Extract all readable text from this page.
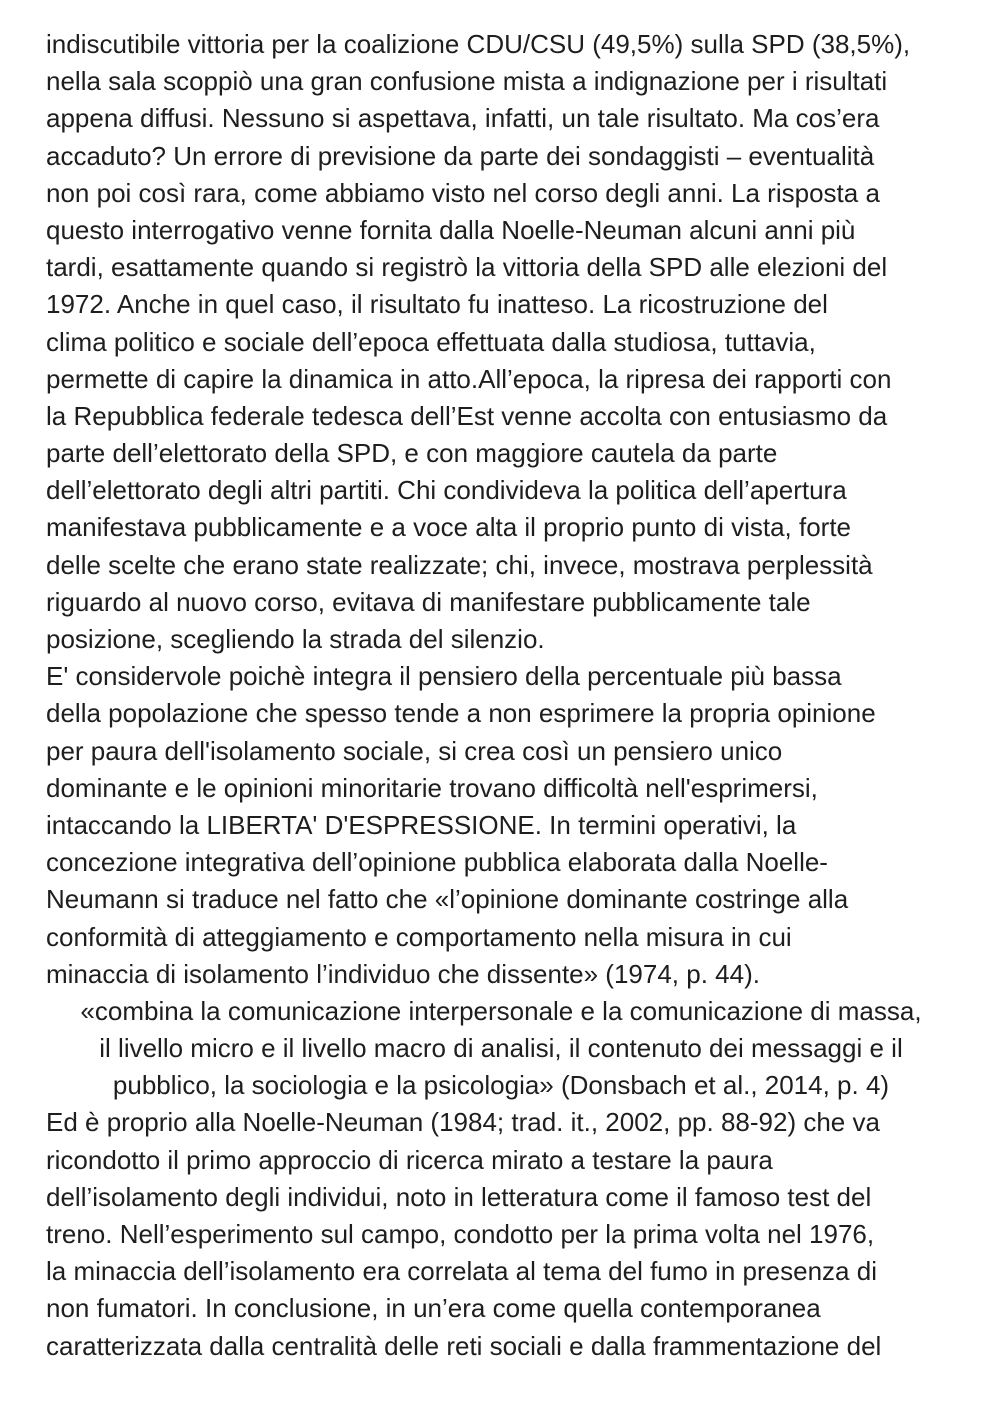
indiscutibile vittoria per la coalizione CDU/CSU (49,5%) sulla SPD (38,5%),
nella sala scoppiò una gran confusione mista a indignazione per i risultati
appena diffusi. Nessuno si aspettava, infatti, un tale risultato. Ma cos’era
accaduto? Un errore di previsione da parte dei sondaggisti – eventualità
non poi così rara, come abbiamo visto nel corso degli anni. La risposta a
questo interrogativo venne fornita dalla Noelle-Neuman alcuni anni più
tardi, esattamente quando si registrò la vittoria della SPD alle elezioni del
1972. Anche in quel caso, il risultato fu inatteso. La ricostruzione del
clima politico e sociale dell’epoca effettuata dalla studiosa, tuttavia,
permette di capire la dinamica in atto.All’epoca, la ripresa dei rapporti con
la Repubblica federale tedesca dell’Est venne accolta con entusiasmo da
parte dell’elettorato della SPD, e con maggiore cautela da parte
dell’elettorato degli altri partiti. Chi condivideva la politica dell’apertura
manifestava pubblicamente e a voce alta il proprio punto di vista, forte
delle scelte che erano state realizzate; chi, invece, mostrava perplessità
riguardo al nuovo corso, evitava di manifestare pubblicamente tale
posizione, scegliendo la strada del silenzio.
E' considervole poichè integra il pensiero della percentuale più bassa
della popolazione che spesso tende a non esprimere la propria opinione
per paura dell'isolamento sociale, si crea così un pensiero unico
dominante e le opinioni minoritarie trovano difficoltà nell'esprimersi,
intaccando la LIBERTA' D'ESPRESSIONE. In termini operativi, la
concezione integrativa dell’opinione pubblica elaborata dalla Noelle-
Neumann si traduce nel fatto che «l’opinione dominante costringe alla
conformità di atteggiamento e comportamento nella misura in cui
minaccia di isolamento l’individuo che dissente» (1974, p. 44).
«combina la comunicazione interpersonale e la comunicazione di massa,
il livello micro e il livello macro di analisi, il contenuto dei messaggi e il
pubblico, la sociologia e la psicologia» (Donsbach et al., 2014, p. 4)
Ed è proprio alla Noelle-Neuman (1984; trad. it., 2002, pp. 88-92) che va
ricondotto il primo approccio di ricerca mirato a testare la paura
dell’isolamento degli individui, noto in letteratura come il famoso test del
treno. Nell’esperimento sul campo, condotto per la prima volta nel 1976,
la minaccia dell’isolamento era correlata al tema del fumo in presenza di
non fumatori. In conclusione, in un’era come quella contemporanea
caratterizzata dalla centralità delle reti sociali e dalla frammentazione del
